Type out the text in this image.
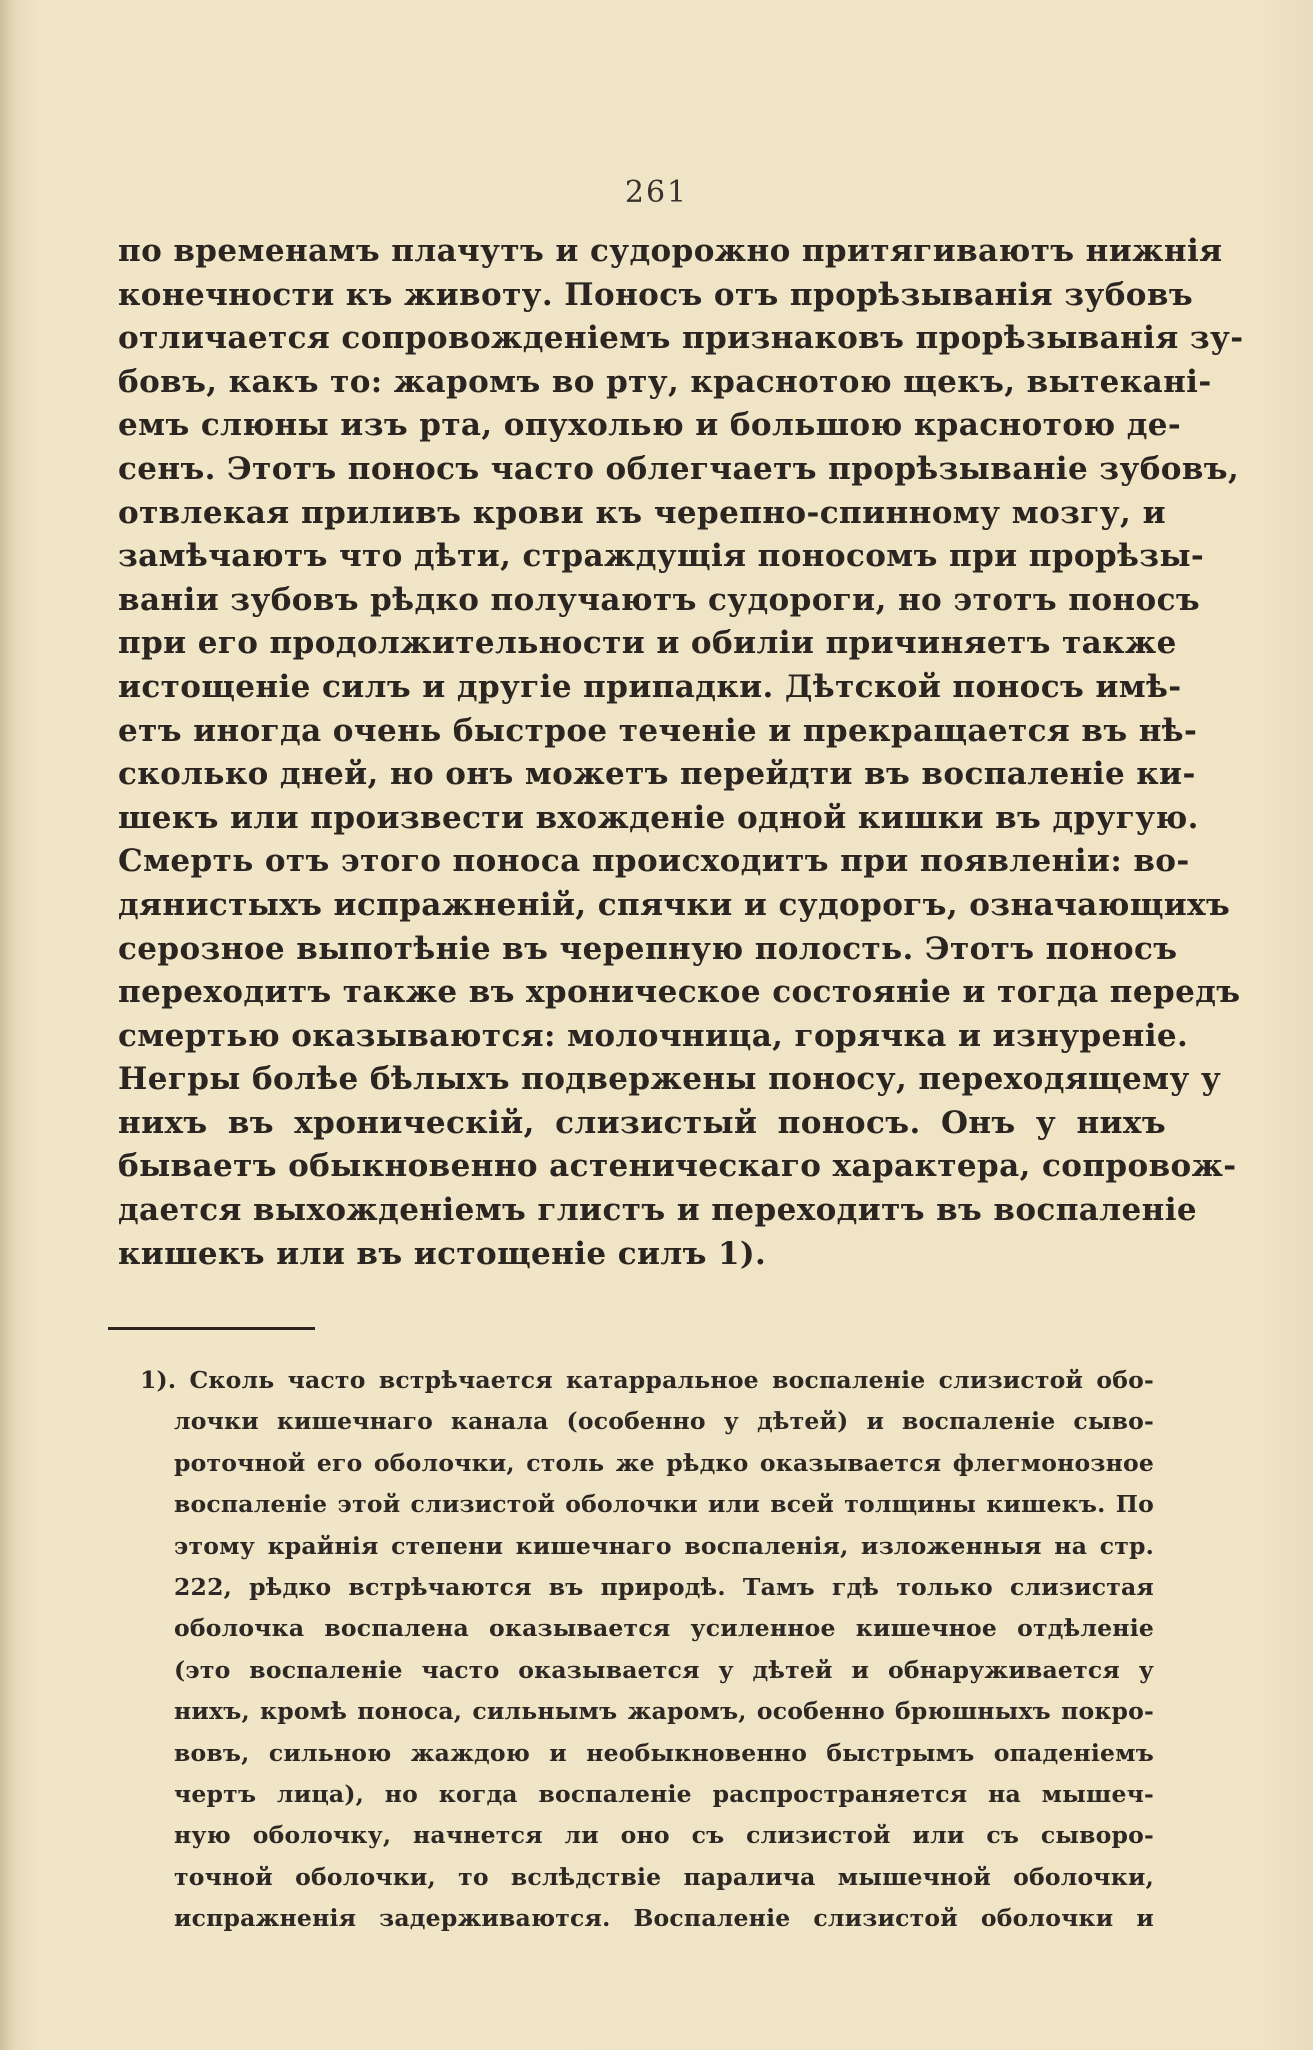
261
по временамъ плачутъ и судорожно притягиваютъ нижнія
конечности къ животу. Поносъ отъ прорѣзыванія зубовъ
отличается сопровожденіемъ признаковъ прорѣзыванія зу-
бовъ, какъ то: жаромъ во рту, краснотою щекъ, вытеканi-
емъ слюны изъ рта, опухолью и большою краснотою де-
сенъ. Этотъ поносъ часто облегчаетъ прорѣзываніе зубовъ,
отвлекая приливъ крови къ черепно-спинному мозгу, и
замѣчаютъ что дѣти, страждущія поносомъ при прорѣзы-
ваніи зубовъ рѣдко получаютъ судороги, но этотъ поносъ
при его продолжительности и обиліи причиняетъ также
истощеніе силъ и другіе припадки. Дѣтской поносъ имѣ-
етъ иногда очень быстрое теченіе и прекращается въ нѣ-
сколько дней, но онъ можетъ перейдти въ воспаленіе ки-
шекъ или произвести вхожденіе одной кишки въ другую.
Смерть отъ этого поноса происходитъ при появленіи: во-
дянистыхъ испражненій, спячки и судорогъ, означающихъ
серозное выпотѣніе въ черепную полость. Этотъ поносъ
переходитъ также въ хроническое состояніе и тогда передъ
смертью оказываются: молочница, горячка и изнуреніе.
Негры болѣе бѣлыхъ подвержены поносу, переходящему у
нихъ въ хроническій, слизистый поносъ. Онъ у нихъ
бываетъ обыкновенно астеническаго характера, сопровож-
дается выхожденіемъ глистъ и переходитъ въ воспаленіе
кишекъ или въ истощеніе силъ 1).
1). Сколь часто встрѣчается катарральное воспаленіе слизистой обо-
лочки кишечнаго канала (особенно у дѣтей) и воспаленіе сыво-
роточной его оболочки, столь же рѣдко оказывается флегмонозное
воспаленіе этой слизистой оболочки или всей толщины кишекъ. По
этому крайнія степени кишечнаго воспаленія, изложенныя на стр.
222, рѣдко встрѣчаются въ природѣ. Тамъ гдѣ только слизистая
оболочка воспалена оказывается усиленное кишечное отдѣленіе
(это воспаленіе часто оказывается у дѣтей и обнаруживается у
нихъ, кромѣ поноса, сильнымъ жаромъ, особенно брюшныхъ покро-
вовъ, сильною жаждою и необыкновенно быстрымъ опаденіемъ
чертъ лица), но когда воспаленіе распространяется на мышеч-
ную оболочку, начнется ли оно съ слизистой или съ сыворо-
точной оболочки, то вслѣдствіе паралича мышечной оболочки,
испражненія задерживаются. Воспаленіе слизистой оболочки и
